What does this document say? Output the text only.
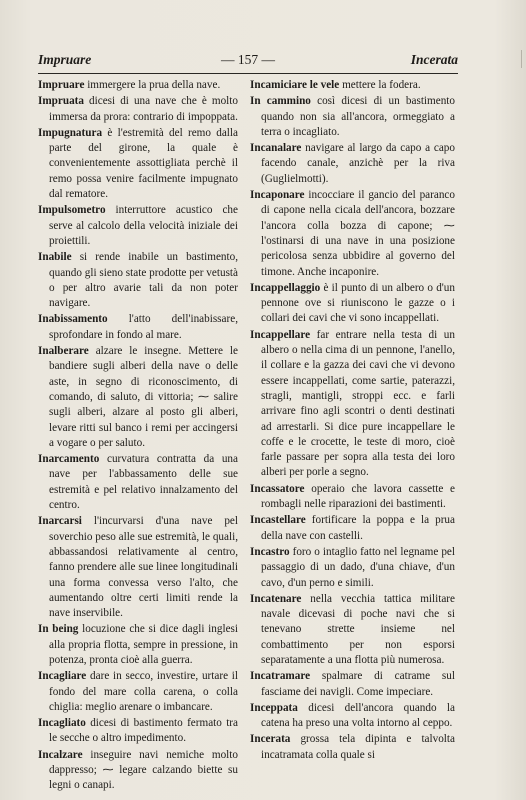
Impruare	— 157 —	Incerata

Impruare immergere la prua della nave.

Impruata dicesi di una nave che è molto immersa da prora: contrario di impoppata.

Impugnatura è l'estremità del remo dalla parte del girone, la quale è convenientemente assottigliata perchè il remo possa venire facilmente impugnato dal rematore.

Impulsometro interruttore acustico che serve al calcolo della velocità iniziale dei proiettili.

Inabile si rende inabile un bastimento, quando gli sieno state prodotte per vetustà o per altro avarie tali da non poter navigare.

Inabissamento l'atto dell'inabissare, sprofondare in fondo al mare.

Inalberare alzare le insegne. Mettere le bandiere sugli alberi della nave o delle aste, in segno di riconoscimento, di comando, di saluto, di vittoria; ⁓ salire sugli alberi, alzare al posto gli alberi, levare ritti sul banco i remi per accingersi a vogare o per saluto.

Inarcamento curvatura contratta da una nave per l'abbassamento delle sue estremità e pel relativo innalzamento del centro.

Inarcarsi l'incurvarsi d'una nave pel soverchio peso alle sue estremità, le quali, abbassandosi relativamente al centro, fanno prendere alle sue linee longitudinali una forma convessa verso l'alto, che aumentando oltre certi limiti rende la nave inservibile.

In being locuzione che si dice dagli inglesi alla propria flotta, sempre in pressione, in potenza, pronta cioè alla guerra.

Incagliare dare in secco, investire, urtare il fondo del mare colla carena, o colla chiglia: meglio arenare o imbancare.

Incagliato dicesi di bastimento fermato tra le secche o altro impedimento.

Incalzare inseguire navi nemiche molto dappresso; ⁓ legare calzando biette su legni o canapi.

Incamiciare le vele mettere la fodera.

In cammino così dicesi di un bastimento quando non sia all'ancora, ormeggiato a terra o incagliato.

Incanalare navigare al largo da capo a capo facendo canale, anzichè per la riva (Guglielmotti).

Incaponare incocciare il gancio del paranco di capone nella cicala dell'ancora, bozzare l'ancora colla bozza di capone; ⁓ l'ostinarsi di una nave in una posizione pericolosa senza ubbidire al governo del timone. Anche incaponire.

Incappellaggio è il punto di un albero o d'un pennone ove si riuniscono le gazze o i collari dei cavi che vi sono incappellati.

Incappellare far entrare nella testa di un albero o nella cima di un pennone, l'anello, il collare e la gazza dei cavi che vi devono essere incappellati, come sartie, paterazzi, stragli, mantigli, stroppi ecc. e farli arrivare fino agli scontri o denti destinati ad arrestarli. Si dice pure incappellare le coffe e le crocette, le teste di moro, cioè farle passare per sopra alla testa dei loro alberi per porle a segno.

Incassatore operaio che lavora cassette e rombagli nelle riparazioni dei bastimenti.

Incastellare fortificare la poppa e la prua della nave con castelli.

Incastro foro o intaglio fatto nel legname pel passaggio di un dado, d'una chiave, d'un cavo, d'un perno e simili.

Incatenare nella vecchia tattica militare navale dicevasi di poche navi che si tenevano strette insieme nel combattimento per non esporsi separatamente a una flotta più numerosa.

Incatramare spalmare di catrame sul fasciame dei navigli. Come impeciare.

Inceppata dicesi dell'ancora quando la catena ha preso una volta intorno al ceppo.

Incerata grossa tela dipinta e talvolta incatramata colla quale si
